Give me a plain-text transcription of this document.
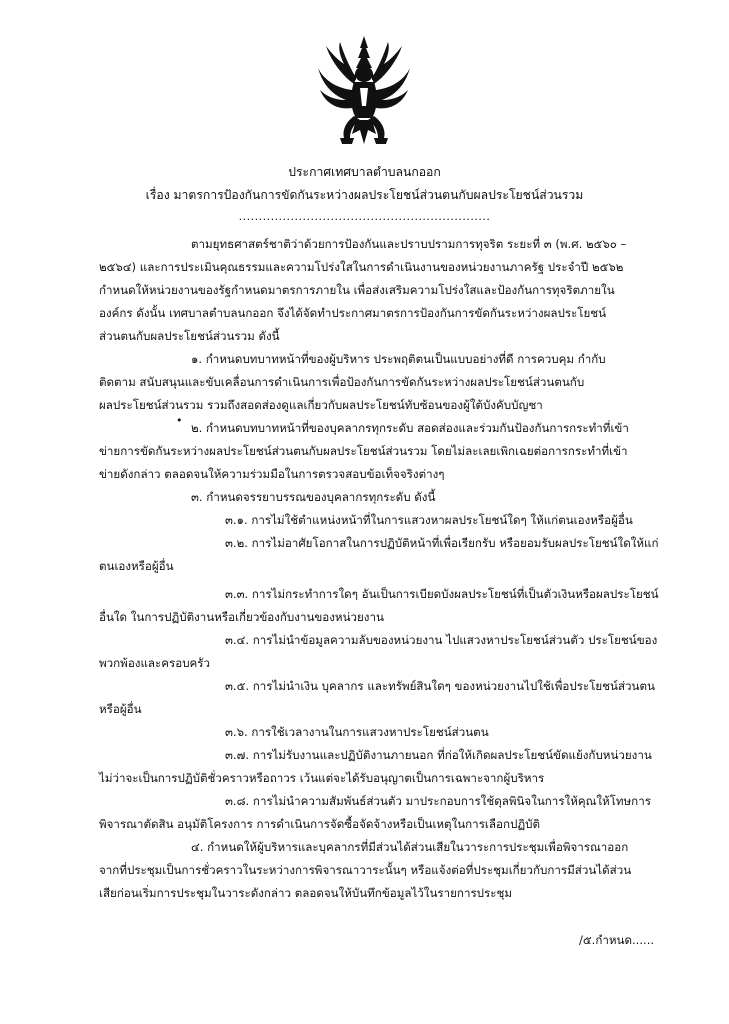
ประกาศเทศบาลตำบลนกออก
เรื่อง มาตรการป้องกันการขัดกันระหว่างผลประโยชน์ส่วนตนกับผลประโยชน์ส่วนรวม
...............................................................
ตามยุทธศาสตร์ชาติว่าด้วยการป้องกันและปราบปรามการทุจริต ระยะที่ ๓ (พ.ศ. ๒๕๖๐ –
๒๕๖๔) และการประเมินคุณธรรมและความโปร่งใสในการดำเนินงานของหน่วยงานภาครัฐ ประจำปี ๒๕๖๒
กำหนดให้หน่วยงานของรัฐกำหนดมาตรการภายใน เพื่อส่งเสริมความโปร่งใสและป้องกันการทุจริตภายใน
องค์กร ดังนั้น เทศบาลตำบลนกออก จึงได้จัดทำประกาศมาตรการป้องกันการขัดกันระหว่างผลประโยชน์
ส่วนตนกับผลประโยชน์ส่วนรวม ดังนี้
๑. กำหนดบทบาทหน้าที่ของผู้บริหาร ประพฤติตนเป็นแบบอย่างที่ดี การควบคุม กำกับ
ติดตาม สนับสนุนและขับเคลื่อนการดำเนินการเพื่อป้องกันการขัดกันระหว่างผลประโยชน์ส่วนตนกับ
ผลประโยชน์ส่วนรวม รวมถึงสอดส่องดูแลเกี่ยวกับผลประโยชน์ทับซ้อนของผู้ใต้บังคับบัญชา
•
๒. กำหนดบทบาทหน้าที่ของบุคลากรทุกระดับ สอดส่องและร่วมกันป้องกันการกระทำที่เข้า
ข่ายการขัดกันระหว่างผลประโยชน์ส่วนตนกับผลประโยชน์ส่วนรวม โดยไม่ละเลยเพิกเฉยต่อการกระทำที่เข้า
ข่ายดังกล่าว ตลอดจนให้ความร่วมมือในการตรวจสอบข้อเท็จจริงต่างๆ
๓. กำหนดจรรยาบรรณของบุคลากรทุกระดับ ดังนี้
๓.๑. การไม่ใช้ตำแหน่งหน้าที่ในการแสวงหาผลประโยชน์ใดๆ ให้แก่ตนเองหรือผู้อื่น
๓.๒. การไม่อาศัยโอกาสในการปฏิบัติหน้าที่เพื่อเรียกรับ หรือยอมรับผลประโยชน์ใดให้แก่
ตนเองหรือผู้อื่น
๓.๓. การไม่กระทำการใดๆ อันเป็นการเบียดบังผลประโยชน์ที่เป็นตัวเงินหรือผลประโยชน์
อื่นใด ในการปฏิบัติงานหรือเกี่ยวข้องกับงานของหน่วยงาน
๓.๔. การไม่นำข้อมูลความลับของหน่วยงาน ไปแสวงหาประโยชน์ส่วนตัว ประโยชน์ของ
พวกพ้องและครอบครัว
๓.๕. การไม่นำเงิน บุคลากร และทรัพย์สินใดๆ ของหน่วยงานไปใช้เพื่อประโยชน์ส่วนตน
หรือผู้อื่น
๓.๖. การใช้เวลางานในการแสวงหาประโยชน์ส่วนตน
๓.๗. การไม่รับงานและปฏิบัติงานภายนอก ที่ก่อให้เกิดผลประโยชน์ขัดแย้งกับหน่วยงาน
ไม่ว่าจะเป็นการปฏิบัติชั่วคราวหรือถาวร เว้นแต่จะได้รับอนุญาตเป็นการเฉพาะจากผู้บริหาร
๓.๘. การไม่นำความสัมพันธ์ส่วนตัว มาประกอบการใช้ดุลพินิจในการให้คุณให้โทษการ
พิจารณาตัดสิน อนุมัติโครงการ การดำเนินการจัดซื้อจัดจ้างหรือเป็นเหตุในการเลือกปฏิบัติ
๔. กำหนดให้ผู้บริหารและบุคลากรที่มีส่วนได้ส่วนเสียในวาระการประชุมเพื่อพิจารณาออก
จากที่ประชุมเป็นการชั่วคราวในระหว่างการพิจารณาวาระนั้นๆ หรือแจ้งต่อที่ประชุมเกี่ยวกับการมีส่วนได้ส่วน
เสียก่อนเริ่มการประชุมในวาระดังกล่าว ตลอดจนให้บันทึกข้อมูลไว้ในรายการประชุม
/๕.กำหนด......
